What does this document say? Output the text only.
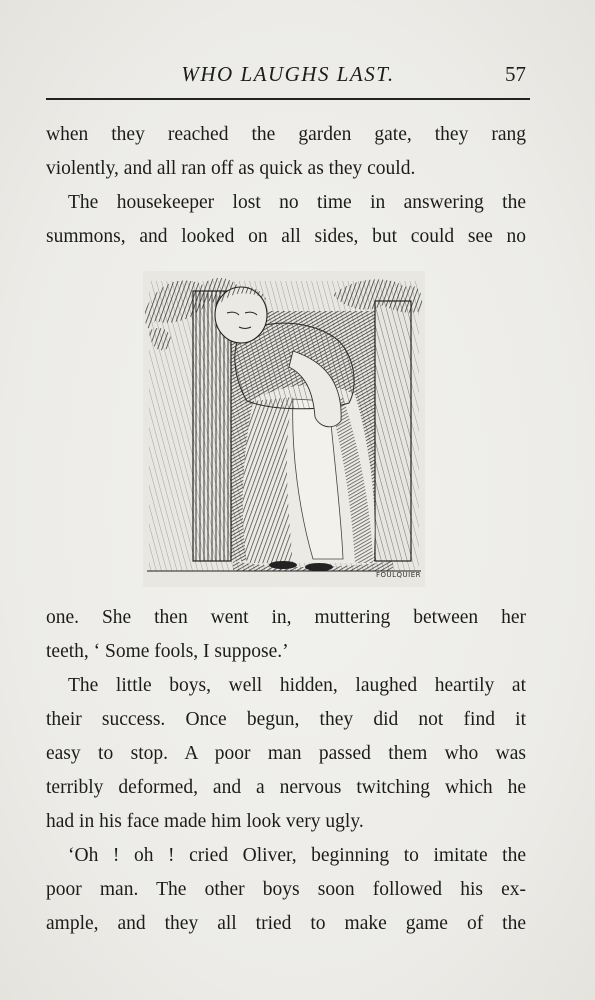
WHO LAUGHS LAST.	57

when they reached the garden gate, they rang
violently, and all ran off as quick as they could.

The housekeeper lost no time in answering the
summons, and looked on all sides, but could see no

FOULQUIER

one. She then went in, muttering between her
teeth, ‘ Some fools, I suppose.’

The little boys, well hidden, laughed heartily at
their success. Once begun, they did not find it
easy to stop. A poor man passed them who was
terribly deformed, and a nervous twitching which he
had in his face made him look very ugly.

‘Oh ! oh ! cried Oliver, beginning to imitate the
poor man. The other boys soon followed his ex-
ample, and they all tried to make game of the
